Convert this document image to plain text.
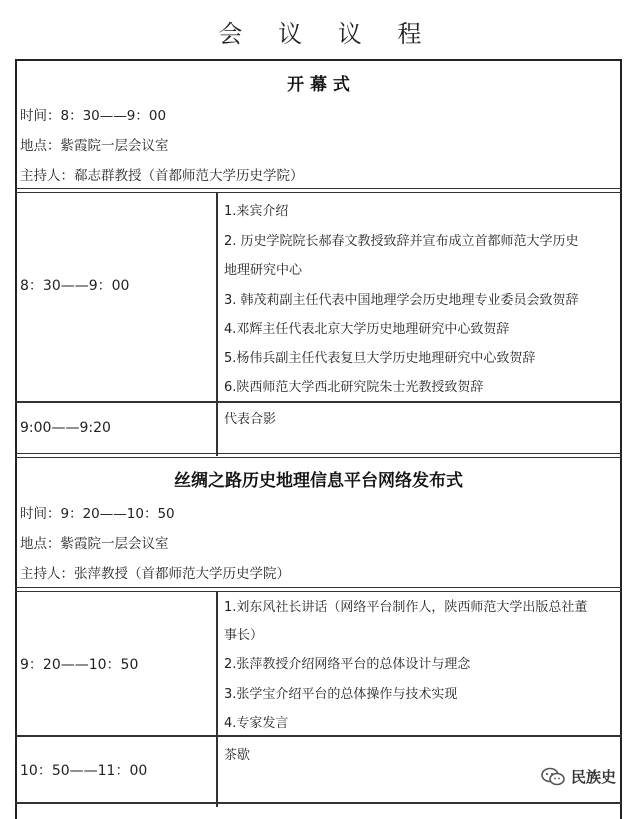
会 议 议 程
开 幕 式
时间：8：30——9：00
地点：紫霞院一层会议室
主持人：郗志群教授（首都师范大学历史学院）
8：30——9：00
1.来宾介绍
2. 历史学院院长郝春文教授致辞并宣布成立首都师范大学历史
地理研究中心
3. 韩茂莉副主任代表中国地理学会历史地理专业委员会致贺辞
4.邓辉主任代表北京大学历史地理研究中心致贺辞
5.杨伟兵副主任代表复旦大学历史地理研究中心致贺辞
6.陕西师范大学西北研究院朱士光教授致贺辞
9:00——9:20
代表合影
丝绸之路历史地理信息平台网络发布式
时间：9：20——10：50
地点：紫霞院一层会议室
主持人：张萍教授（首都师范大学历史学院）
9：20——10：50
1.刘东风社长讲话（网络平台制作人，陕西师范大学出版总社董
事长）
2.张萍教授介绍网络平台的总体设计与理念
3.张学宝介绍平台的总体操作与技术实现
4.专家发言
10：50——11：00
茶歇
民族史
